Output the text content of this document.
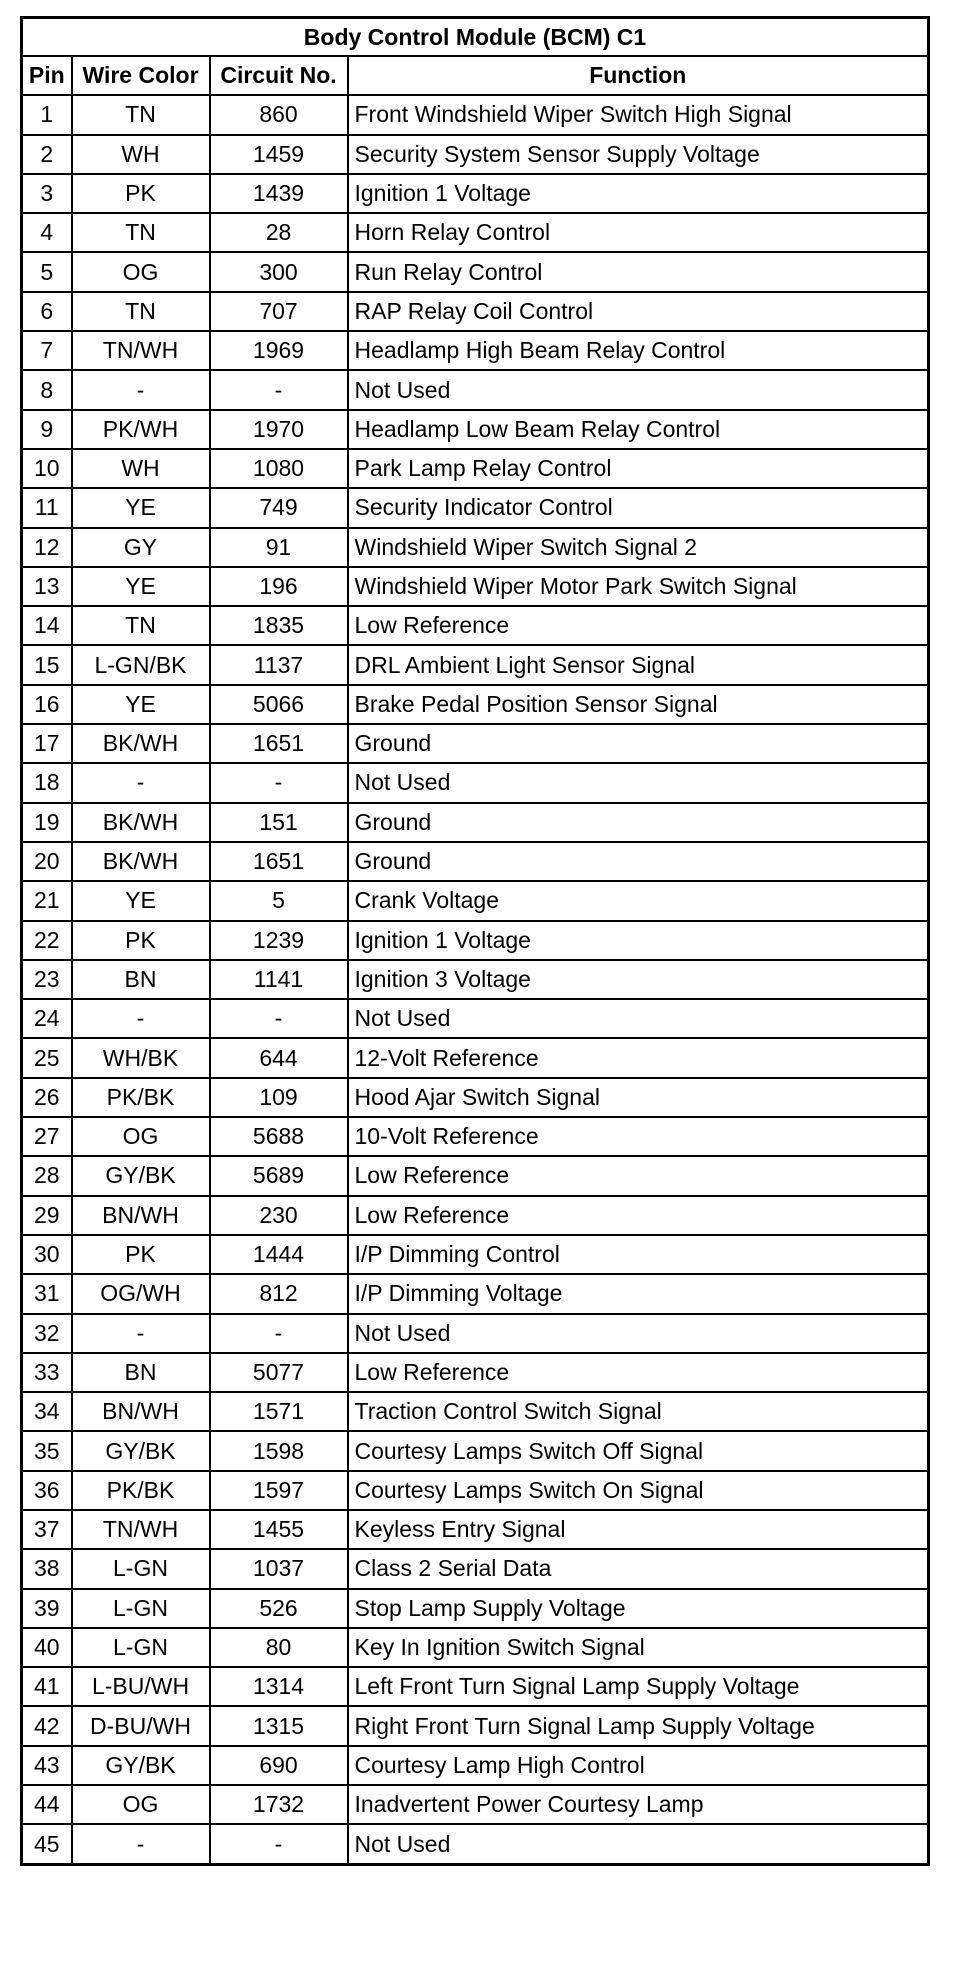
Body Control Module (BCM) C1			
Pin	Wire Color	Circuit No.	Function
1	TN	860	Front Windshield Wiper Switch High Signal
2	WH	1459	Security System Sensor Supply Voltage
3	PK	1439	Ignition 1 Voltage
4	TN	28	Horn Relay Control
5	OG	300	Run Relay Control
6	TN	707	RAP Relay Coil Control
7	TN/WH	1969	Headlamp High Beam Relay Control
8	-	-	Not Used
9	PK/WH	1970	Headlamp Low Beam Relay Control
10	WH	1080	Park Lamp Relay Control
11	YE	749	Security Indicator Control
12	GY	91	Windshield Wiper Switch Signal 2
13	YE	196	Windshield Wiper Motor Park Switch Signal
14	TN	1835	Low Reference
15	L-GN/BK	1137	DRL Ambient Light Sensor Signal
16	YE	5066	Brake Pedal Position Sensor Signal
17	BK/WH	1651	Ground
18	-	-	Not Used
19	BK/WH	151	Ground
20	BK/WH	1651	Ground
21	YE	5	Crank Voltage
22	PK	1239	Ignition 1 Voltage
23	BN	1141	Ignition 3 Voltage
24	-	-	Not Used
25	WH/BK	644	12-Volt Reference
26	PK/BK	109	Hood Ajar Switch Signal
27	OG	5688	10-Volt Reference
28	GY/BK	5689	Low Reference
29	BN/WH	230	Low Reference
30	PK	1444	I/P Dimming Control
31	OG/WH	812	I/P Dimming Voltage
32	-	-	Not Used
33	BN	5077	Low Reference
34	BN/WH	1571	Traction Control Switch Signal
35	GY/BK	1598	Courtesy Lamps Switch Off Signal
36	PK/BK	1597	Courtesy Lamps Switch On Signal
37	TN/WH	1455	Keyless Entry Signal
38	L-GN	1037	Class 2 Serial Data
39	L-GN	526	Stop Lamp Supply Voltage
40	L-GN	80	Key In Ignition Switch Signal
41	L-BU/WH	1314	Left Front Turn Signal Lamp Supply Voltage
42	D-BU/WH	1315	Right Front Turn Signal Lamp Supply Voltage
43	GY/BK	690	Courtesy Lamp High Control
44	OG	1732	Inadvertent Power Courtesy Lamp
45	-	-	Not Used
